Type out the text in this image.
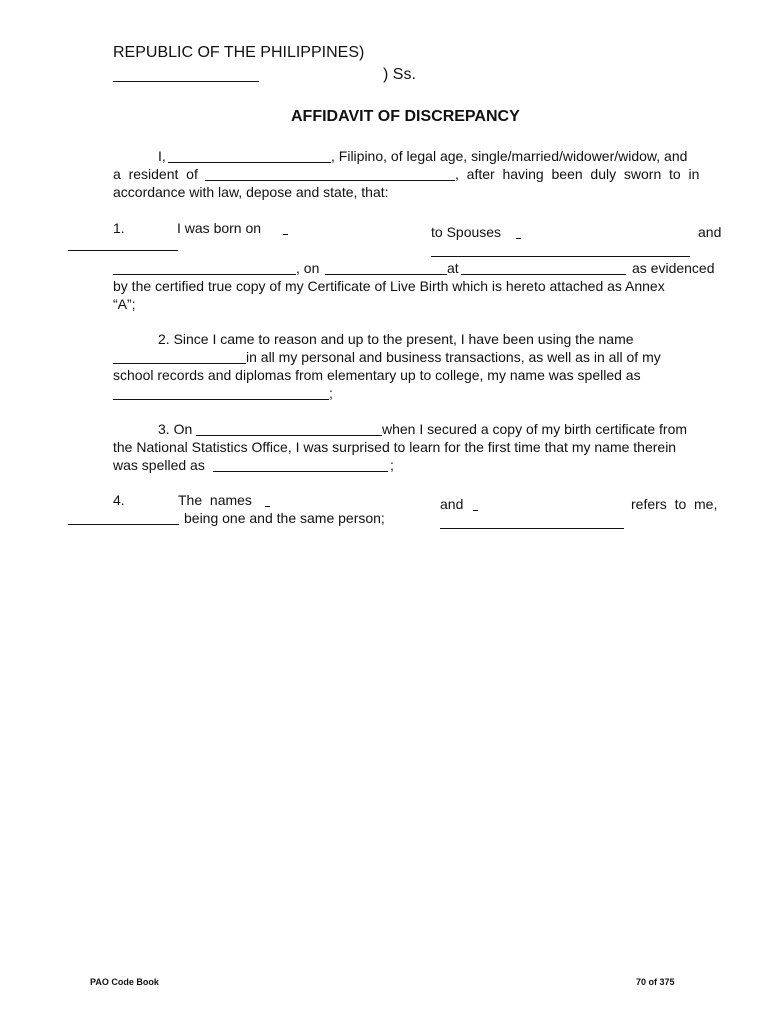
REPUBLIC OF THE PHILIPPINES)
) Ss.
AFFIDAVIT OF DISCREPANCY
I,	, Filipino, of legal age, single/married/widower/widow, and
a  resident  of	,  after  having  been  duly  sworn  to  in
accordance with law, depose and state, that:
1.	I was born on	to Spouses	and
, on	at	as evidenced
by the certified true copy of my Certificate of Live Birth which is hereto attached as Annex
“A”;
2. Since I came to reason and up to the present, I have been using the name
in all my personal and business transactions, as well as in all of my
school records and diplomas from elementary up to college, my name was spelled as
;
3. On	when I secured a copy of my birth certificate from
the National Statistics Office, I was surprised to learn for the first time that my name therein
was spelled as	;
4.	The  names	and	refers  to  me,
being one and the same person;
PAO Code Book	70 of 375
